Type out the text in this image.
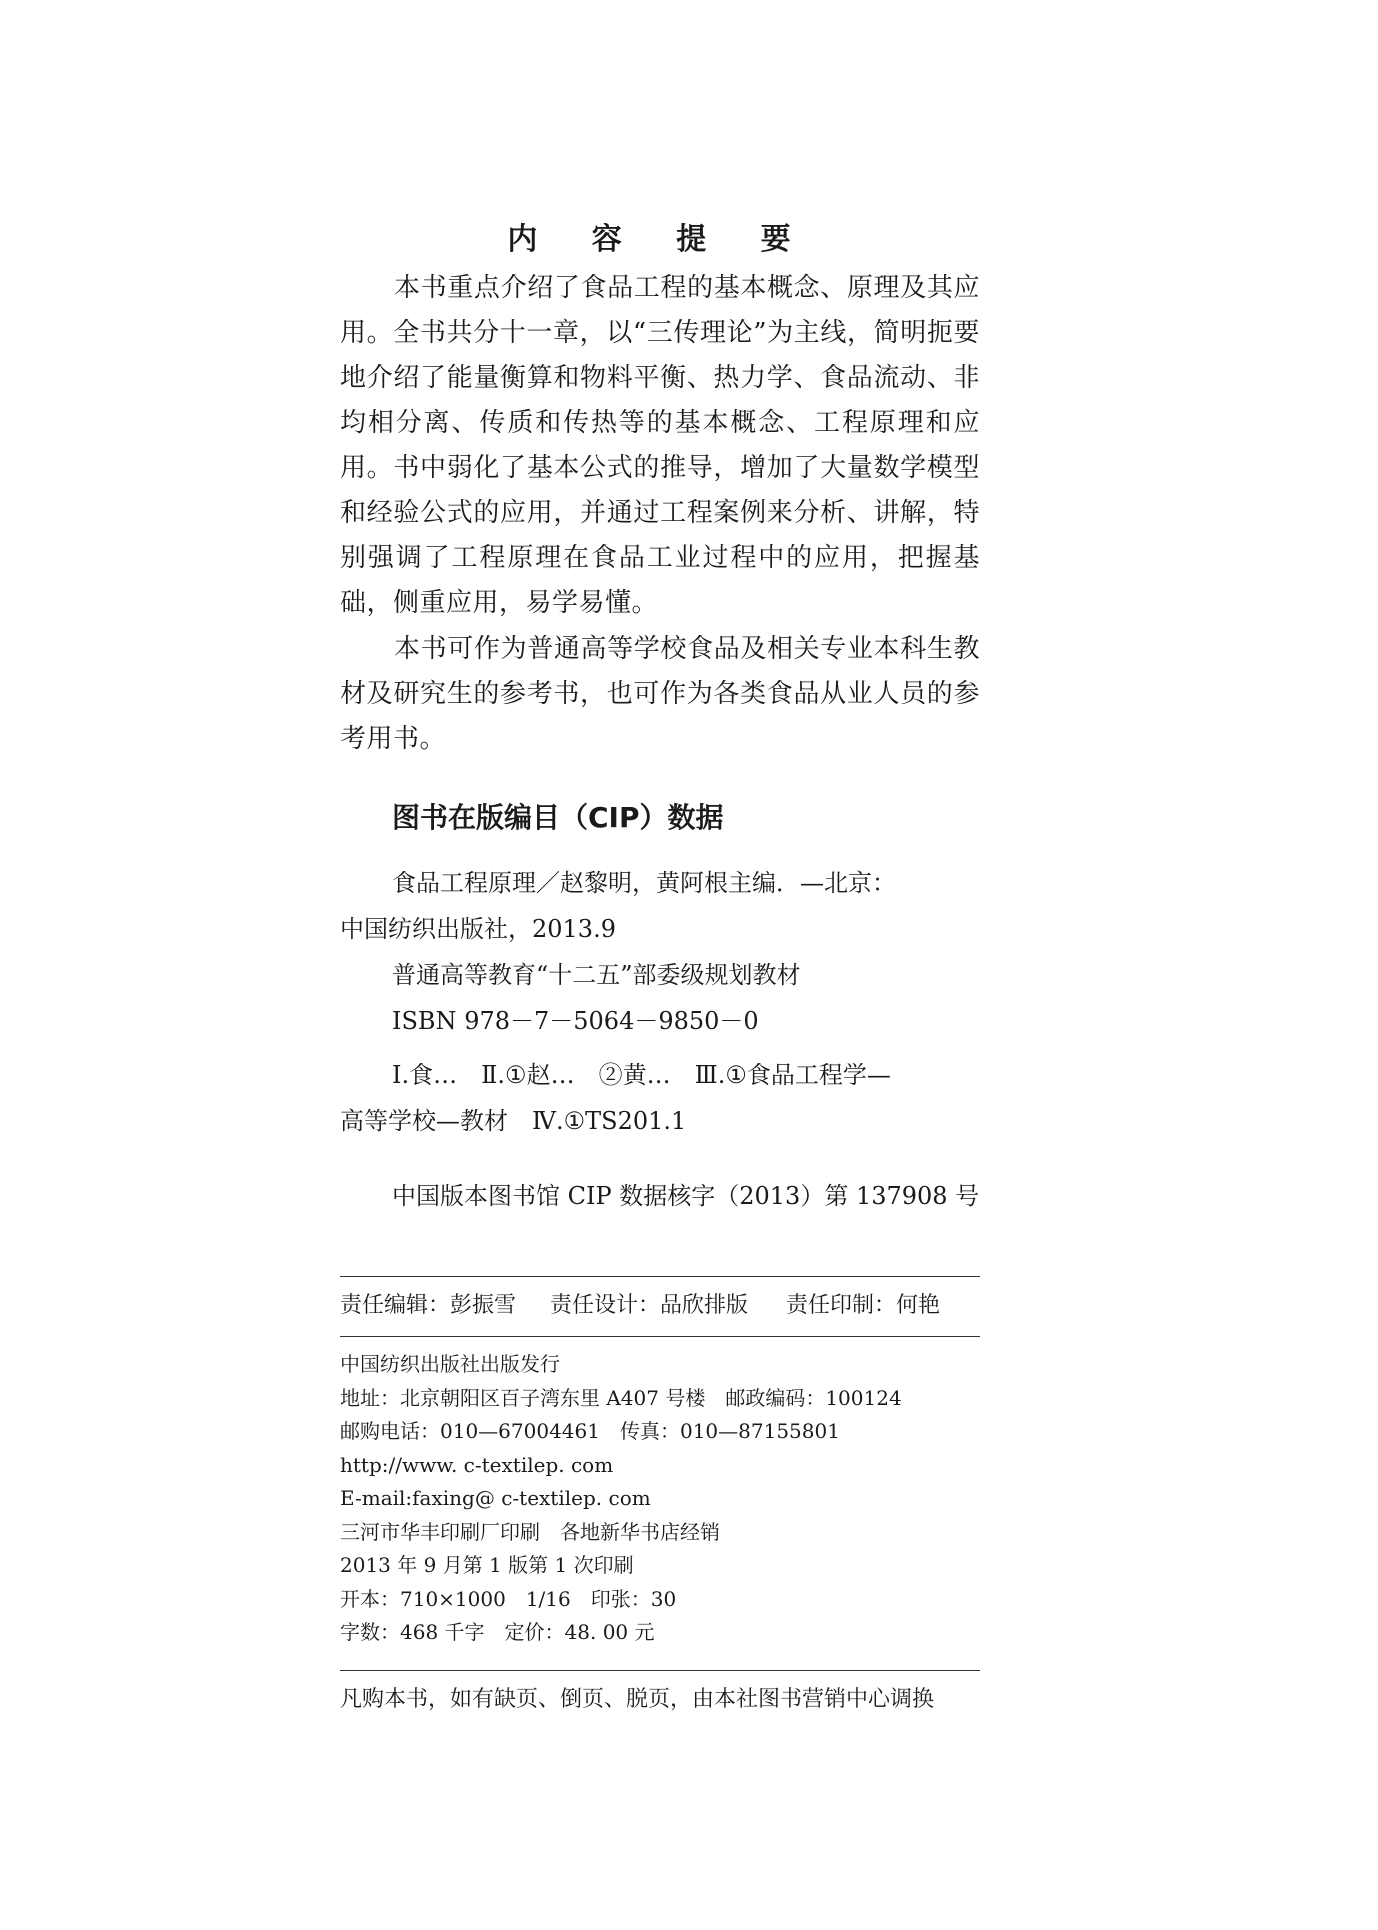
内 容 提 要

本书重点介绍了食品工程的基本概念、原理及其应用。全书共分十一章，以“三传理论”为主线，简明扼要地介绍了能量衡算和物料平衡、热力学、食品流动、非均相分离、传质和传热等的基本概念、工程原理和应用。书中弱化了基本公式的推导，增加了大量数学模型和经验公式的应用，并通过工程案例来分析、讲解，特别强调了工程原理在食品工业过程中的应用，把握基础，侧重应用，易学易懂。

本书可作为普通高等学校食品及相关专业本科生教材及研究生的参考书，也可作为各类食品从业人员的参考用书。

图书在版编目（CIP）数据

食品工程原理／赵黎明，黄阿根主编．—北京：

中国纺织出版社，2013.9

普通高等教育“十二五”部委级规划教材

ISBN 978－7－5064－9850－0

Ⅰ.食…　Ⅱ.①赵…　②黄…　Ⅲ.①食品工程学—

高等学校—教材　Ⅳ.①TS201.1

中国版本图书馆 CIP 数据核字（2013）第 137908 号

责任编辑：彭振雪 责任设计：品欣排版 责任印制：何艳

中国纺织出版社出版发行

地址：北京朝阳区百子湾东里 A407 号楼　邮政编码：100124

邮购电话：010—67004461　传真：010—87155801

http://www. c-textilep. com

E-mail:faxing@ c-textilep. com

三河市华丰印刷厂印刷　各地新华书店经销

2013 年 9 月第 1 版第 1 次印刷

开本：710×1000　1/16　印张：30

字数：468 千字　定价：48. 00 元

凡购本书，如有缺页、倒页、脱页，由本社图书营销中心调换
